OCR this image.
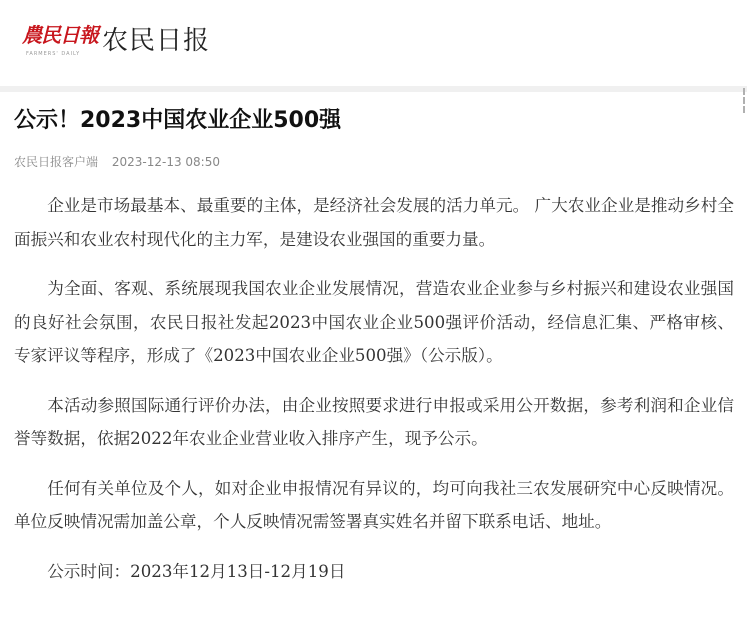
農民日報
FARMERS' DAILY 农民日报
公示！2023中国农业企业500强
农民日报客户端 2023-12-13 08:50

企业是市场最基本、最重要的主体，是经济社会发展的活力单元。 广大农业企业是推动乡村全面振兴和农业农村现代化的主力军，是建设农业强国的重要力量。

为全面、客观、系统展现我国农业企业发展情况，营造农业企业参与乡村振兴和建设农业强国的良好社会氛围，农民日报社发起2023中国农业企业500强评价活动，经信息汇集、严格审核、专家评议等程序，形成了《2023中国农业企业500强》（公示版）。

本活动参照国际通行评价办法，由企业按照要求进行申报或采用公开数据，参考利润和企业信誉等数据，依据2022年农业企业营业收入排序产生，现予公示。

任何有关单位及个人，如对企业申报情况有异议的，均可向我社三农发展研究中心反映情况。单位反映情况需加盖公章，个人反映情况需签署真实姓名并留下联系电话、地址。

公示时间：2023年12月13日-12月19日
